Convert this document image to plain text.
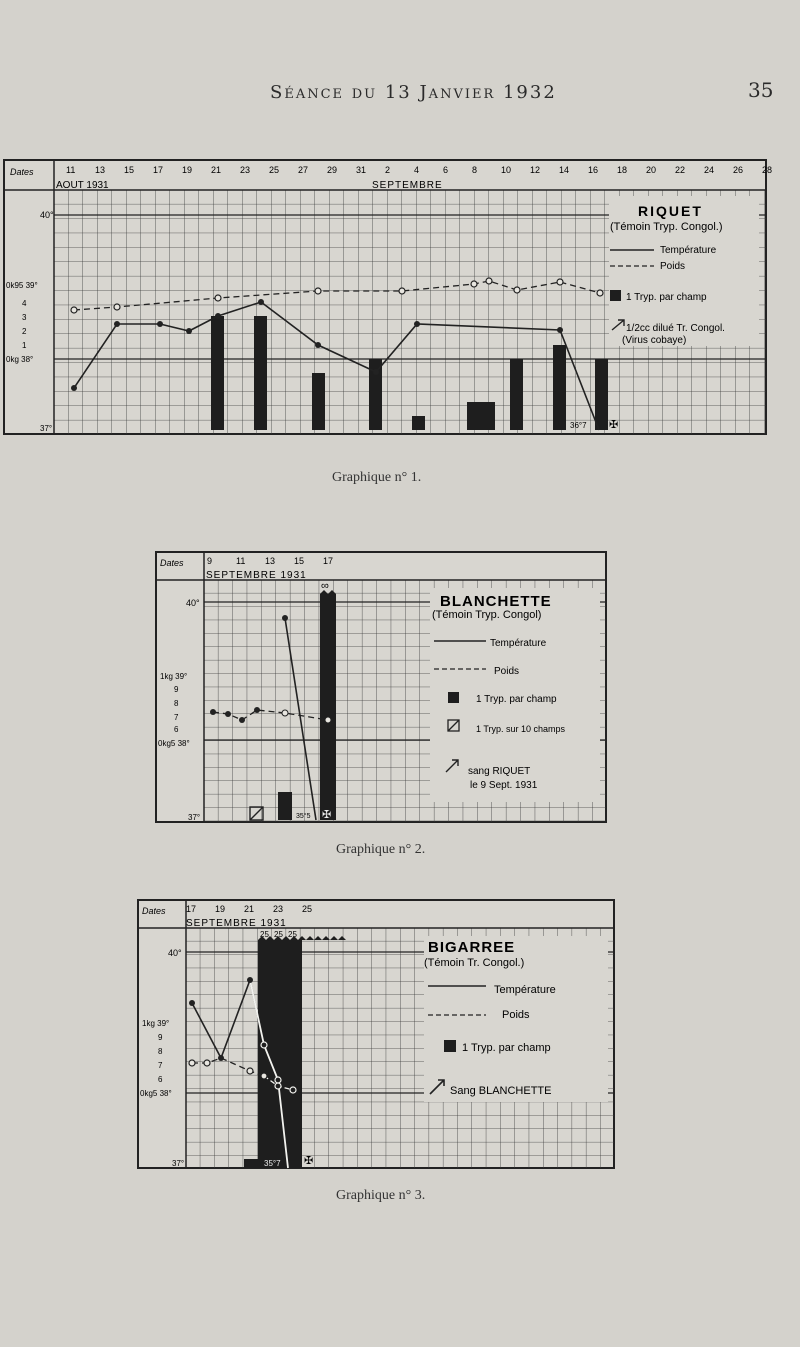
Séance du 13 Janvier 1932	35
Dates	11 13 15 17 19 21 23 25 27 29 31 2	4	6	8	10 12 14 16 18 20 22 24 26 28
AOUT 1931	SEPTEMBRE
40°
0k95 39°
4
3
2
1
0kg 38°
37°	36°7 ✠
RIQUET
(Témoin Tryp. Congol.)
Température
Poids
1 Tryp. par champ
1/2cc dilué Tr. Congol.
(Virus cobaye)
Graphique n° 1.
Dates	9	11 13 15 17
SEPTEMBRE 1931
40°
1kg 39°
9
8
7
6
0kg5 38°
37°
∞
35°5 ✠
BLANCHETTE
(Témoin Tryp. Congol)
Température
Poids
1 Tryp. par champ
1 Tryp. sur 10 champs
sang RIQUET
le 9 Sept. 1931
Graphique n° 2.
Dates 17 19 21 23 25
SEPTEMBRE 1931
40°
1kg 39°
9
8
7
6
0kg5 38°
37°
25 25 25
35°7 ✠
BIGARREE
(Témoin Tr. Congol.)
Température
Poids
1 Tryp. par champ
Sang BLANCHETTE
Graphique n° 3.
